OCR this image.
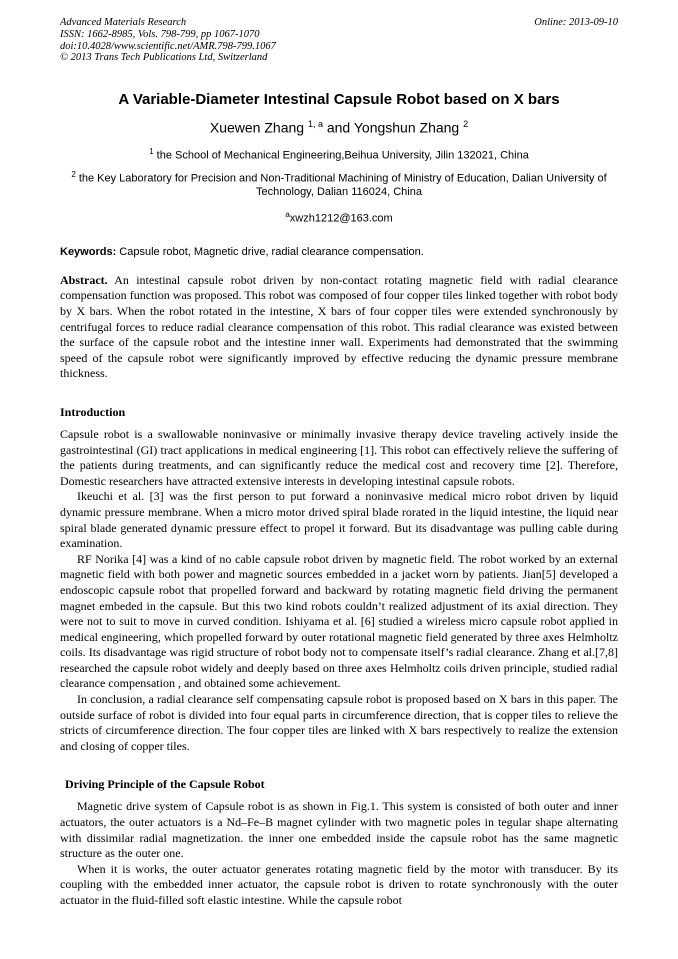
Advanced Materials Research
ISSN: 1662-8985, Vols. 798-799, pp 1067-1070
doi:10.4028/www.scientific.net/AMR.798-799.1067
© 2013 Trans Tech Publications Ltd, Switzerland
Online: 2013-09-10
A Variable-Diameter Intestinal Capsule Robot based on X bars
Xuewen Zhang $^{1, a}$ and Yongshun Zhang $^2$
$^1$ the School of Mechanical Engineering,Beihua University, Jilin 132021, China
$^2$ the Key Laboratory for Precision and Non-Traditional Machining of Ministry of Education, Dalian University of Technology, Dalian 116024, China
$^a$xwzh1212@163.com
Keywords: Capsule robot, Magnetic drive, radial clearance compensation.

Abstract. An intestinal capsule robot driven by non-contact rotating magnetic field with radial clearance compensation function was proposed. This robot was composed of four copper tiles linked together with robot body by X bars. When the robot rotated in the intestine, X bars of four copper tiles were extended synchronously by centrifugal forces to reduce radial clearance compensation of this robot. This radial clearance was existed between the surface of the capsule robot and the intestine inner wall. Experiments had demonstrated that the swimming speed of the capsule robot were significantly improved by effective reducing the dynamic pressure membrane thickness.

Introduction

Capsule robot is a swallowable noninvasive or minimally invasive therapy device traveling actively inside the gastrointestinal (GI) tract applications in medical engineering [1]. This robot can effectively relieve the suffering of the patients during treatments, and can significantly reduce the medical cost and recovery time [2]. Therefore, Domestic researchers have attracted extensive interests in developing intestinal capsule robots.

Ikeuchi et al. [3] was the first person to put forward a noninvasive medical micro robot driven by liquid dynamic pressure membrane. When a micro motor drived spiral blade rorated in the liquid intestine, the liquid near spiral blade generated dynamic pressure effect to propel it forward. But its disadvantage was pulling cable during examination.

RF Norika [4] was a kind of no cable capsule robot driven by magnetic field. The robot worked by an external magnetic field with both power and magnetic sources embedded in a jacket worn by patients. Jian[5] developed a endoscopic capsule robot that propelled forward and backward by rotating magnetic field driving the permanent magnet embeded in the capsule. But this two kind robots couldn’t realized adjustment of its axial direction. They were not to suit to move in curved condition. Ishiyama et al. [6] studied a wireless micro capsule robot applied in medical engineering, which propelled forward by outer rotational magnetic field generated by three axes Helmholtz coils. Its disadvantage was rigid structure of robot body not to compensate itself’s radial clearance. Zhang et al.[7,8] researched the capsule robot widely and deeply based on three axes Helmholtz coils driven principle, studied radial clearance compensation , and obtained some achievement.

In conclusion, a radial clearance self compensating capsule robot is proposed based on X bars in this paper. The outside surface of robot is divided into four equal parts in circumference direction, that is copper tiles to relieve the stricts of circumference direction. The four copper tiles are linked with X bars respectively to realize the extension and closing of copper tiles.

Driving Principle of the Capsule Robot

Magnetic drive system of Capsule robot is as shown in Fig.1. This system is consisted of both outer and inner actuators, the outer actuators is a Nd–Fe–B magnet cylinder with two magnetic poles in tegular shape alternating with dissimilar radial magnetization. the inner one embedded inside the capsule robot has the same magnetic structure as the outer one.

When it is works, the outer actuator generates rotating magnetic field by the motor with transducer. By its coupling with the embedded inner actuator, the capsule robot is driven to rotate synchronously with the outer actuator in the fluid-filled soft elastic intestine. While the capsule robot
